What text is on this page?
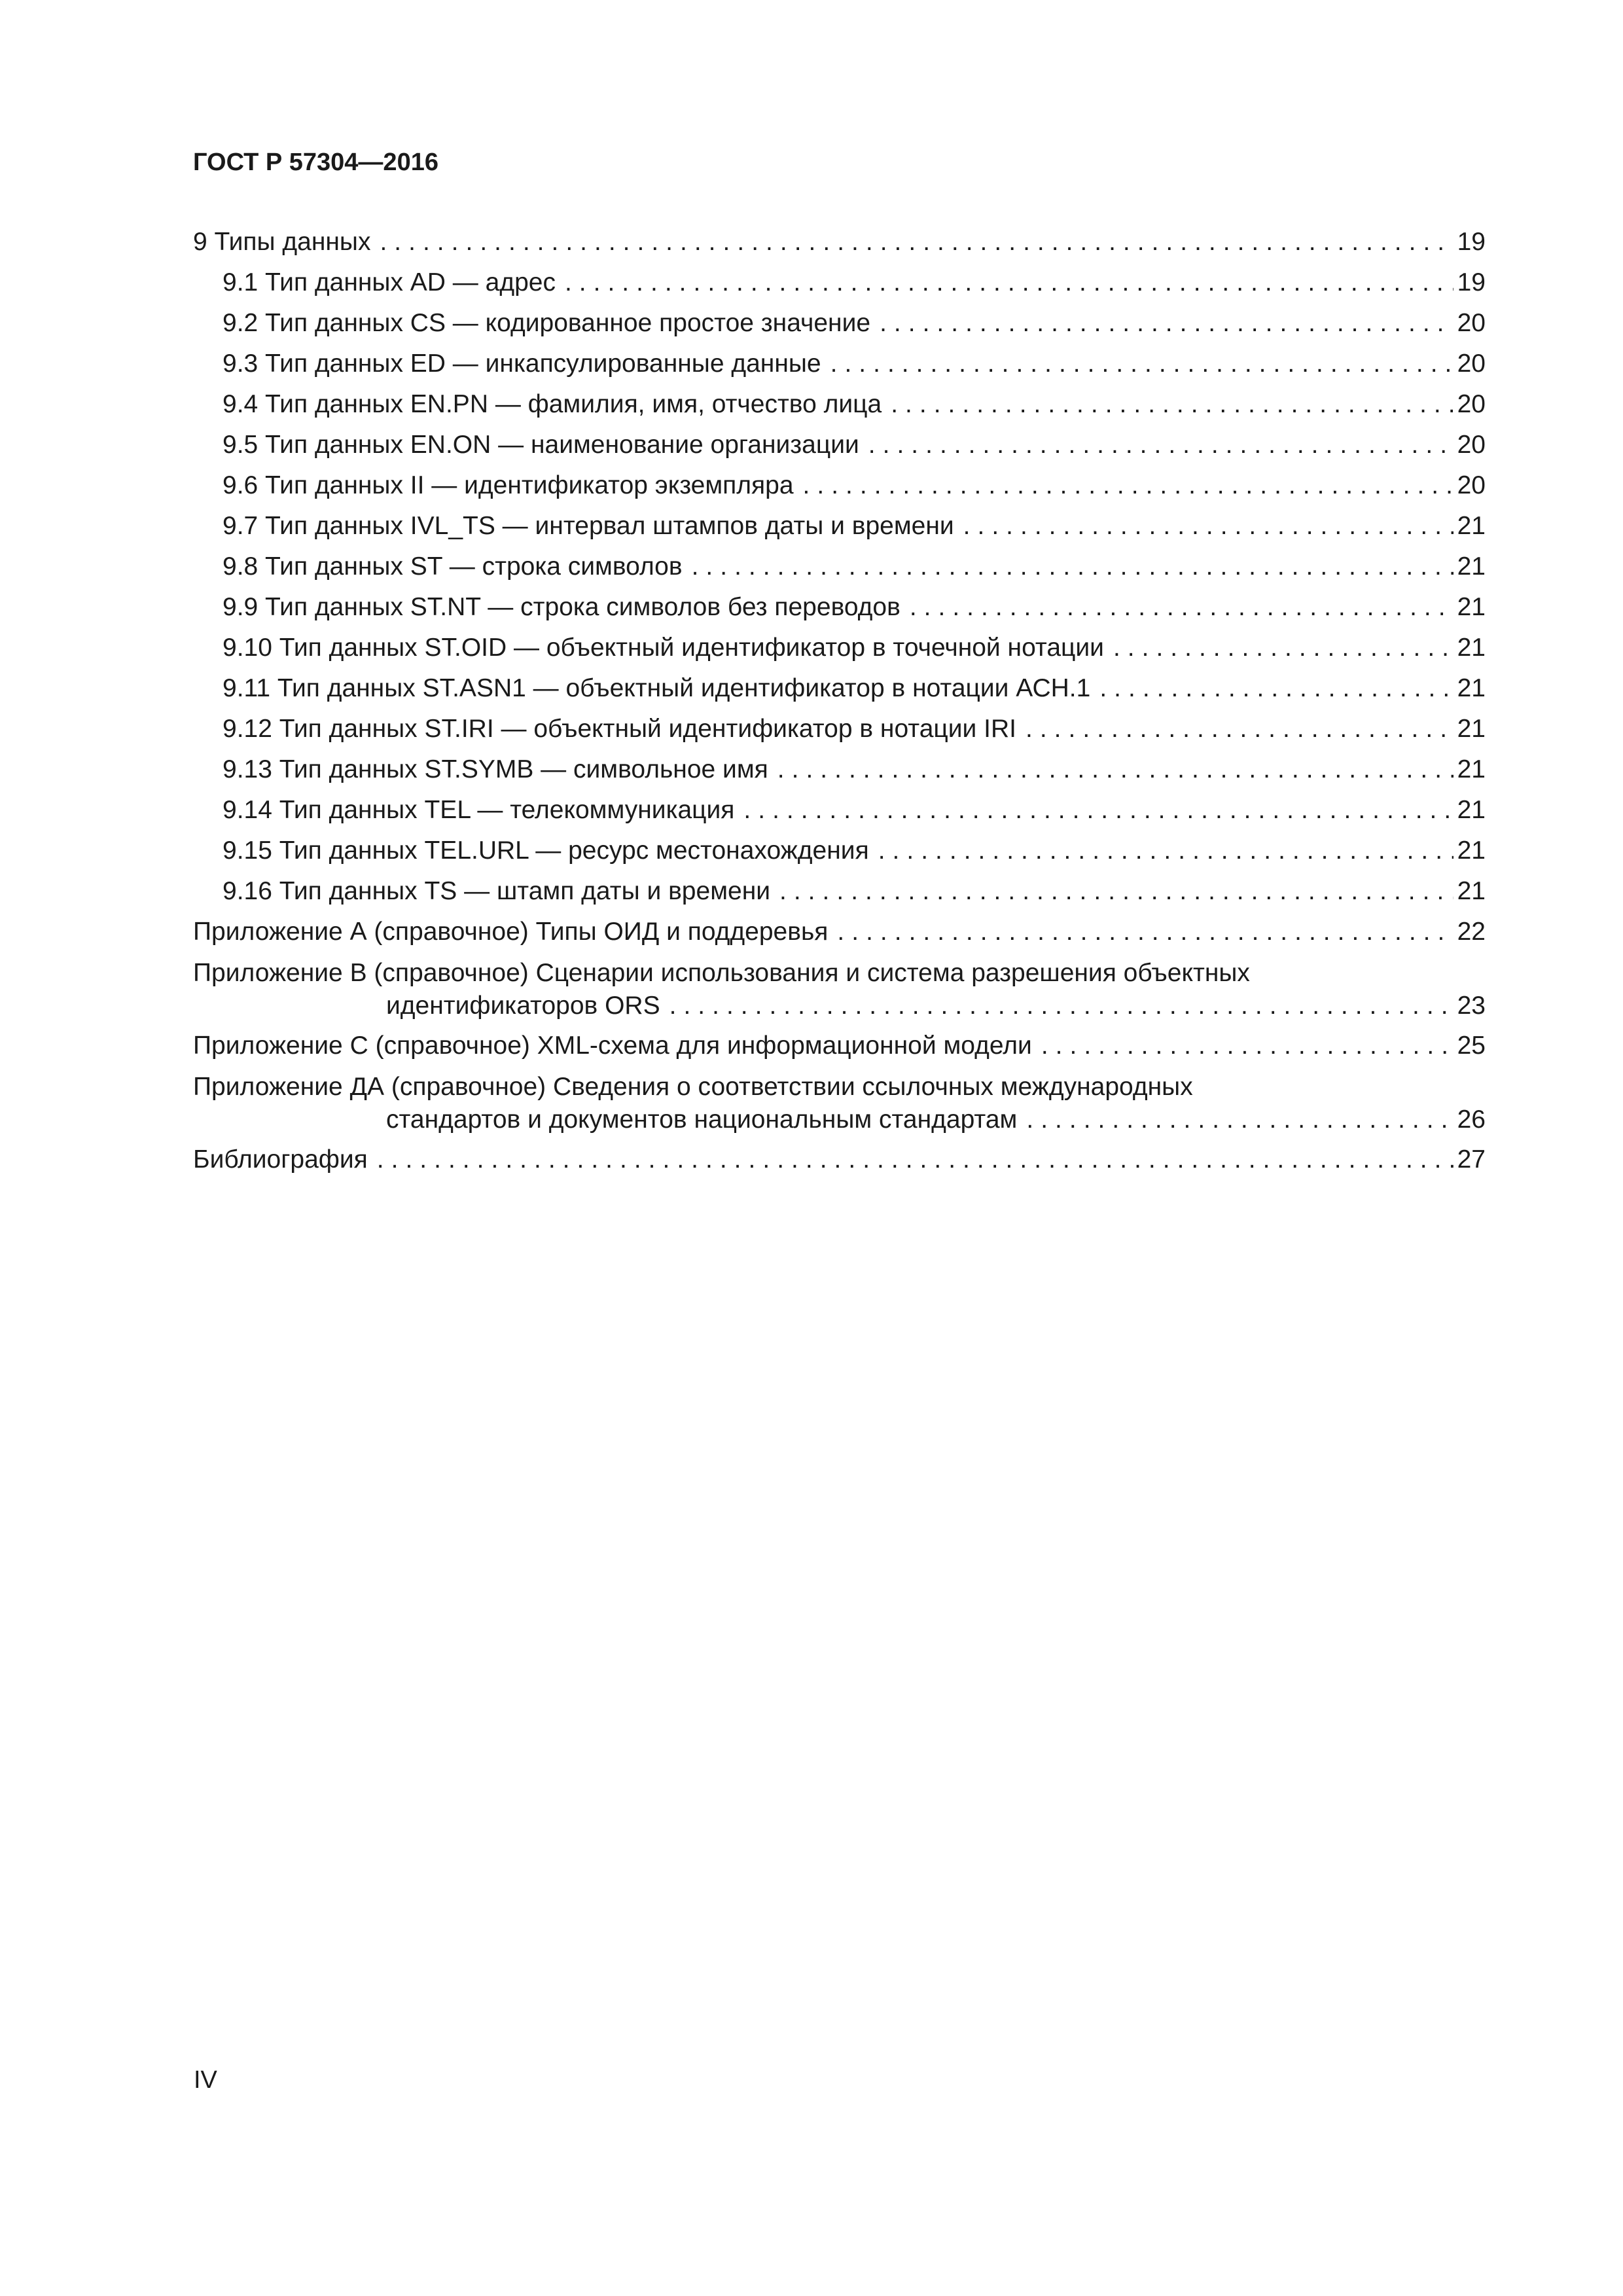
ГОСТ Р 57304—2016
9 Типы данных .....	19
9.1 Тип данных AD — адрес .....	19
9.2 Тип данных CS — кодированное простое значение .....	20
9.3 Тип данных ED — инкапсулированные данные .....	20
9.4 Тип данных EN.PN — фамилия, имя, отчество лица .....	20
9.5 Тип данных EN.ON — наименование организации .....	20
9.6 Тип данных II — идентификатор экземпляра .....	20
9.7 Тип данных IVL_TS — интервал штампов даты и времени .....	21
9.8 Тип данных ST — строка символов .....	21
9.9 Тип данных ST.NT — строка символов без переводов .....	21
9.10 Тип данных ST.OID — объектный идентификатор в точечной нотации .....	21
9.11 Тип данных ST.ASN1 — объектный идентификатор в нотации АСН.1 .....	21
9.12 Тип данных ST.IRI — объектный идентификатор в нотации IRI .....	21
9.13 Тип данных ST.SYMB — символьное имя .....	21
9.14 Тип данных TEL — телекоммуникация .....	21
9.15 Тип данных TEL.URL — ресурс местонахождения .....	21
9.16 Тип данных TS — штамп даты и времени .....	21
Приложение А (справочное) Типы ОИД и поддеревья .....	22
Приложение В (справочное) Сценарии использования и система разрешения объектных
идентификаторов ORS .....	23
Приложение С (справочное) XML-схема для информационной модели .....	25
Приложение ДА (справочное) Сведения о соответствии ссылочных международных
стандартов и документов национальным стандартам .....	26
Библиография .....	27
IV
